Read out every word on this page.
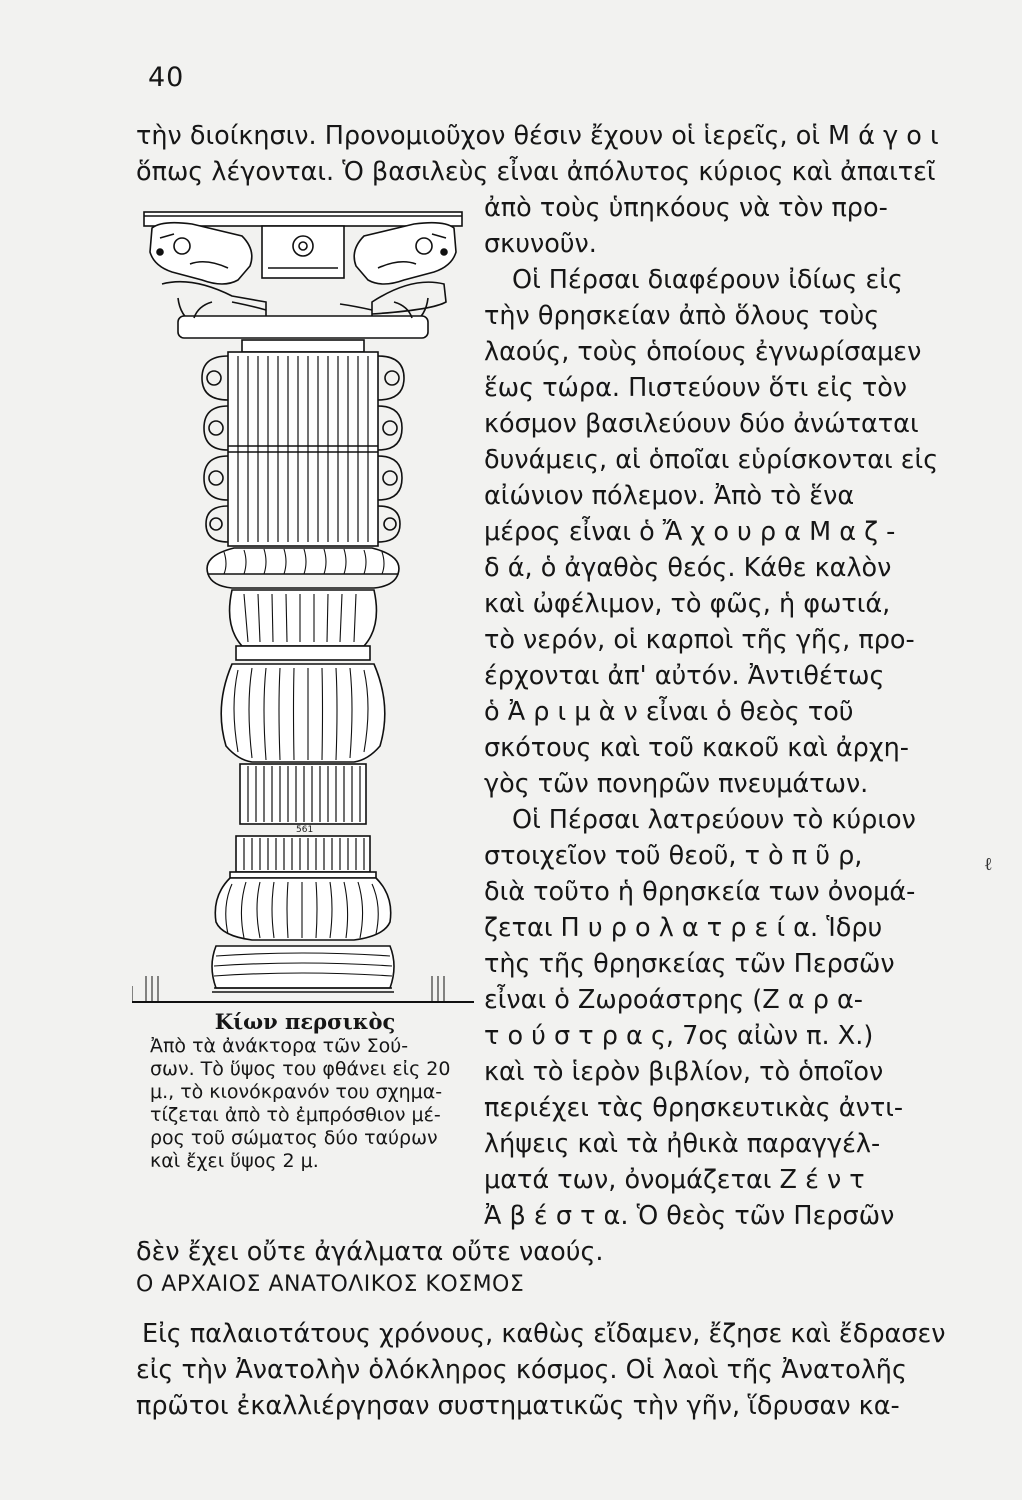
40
τὴν διοίκησιν. Προνομιοῦχον θέσιν ἔχουν οἱ ἱερεῖς, οἱ Μ ά γ ο ι
ὅπως λέγονται. Ὁ βασιλεὺς εἶναι ἀπόλυτος κύριος καὶ ἀπαιτεῖ
ἀπὸ τοὺς ὑπηκόους νὰ τὸν προ-
σκυνοῦν.
Οἱ Πέρσαι διαφέρουν ἰδίως εἰς
τὴν θρησκείαν ἀπὸ ὅλους τοὺς
λαούς, τοὺς ὁποίους ἐγνωρίσαμεν
ἕως τώρα. Πιστεύουν ὅτι εἰς τὸν
κόσμον βασιλεύουν δύο ἀνώταται
δυνάμεις, αἱ ὁποῖαι εὑρίσκονται εἰς
αἰώνιον πόλεμον. Ἀπὸ τὸ ἕνα
μέρος εἶναι ὁ Ἄ χ ο υ ρ α Μ α ζ -
δ ά, ὁ ἀγαθὸς θεός. Κάθε καλὸν
καὶ ὠφέλιμον, τὸ φῶς, ἡ φωτιά,
τὸ νερόν, οἱ καρποὶ τῆς γῆς, προ-
έρχονται ἀπ' αὐτόν. Ἀντιθέτως
ὁ Ἀ ρ ι μ ὰ ν εἶναι ὁ θεὸς τοῦ
σκότους καὶ τοῦ κακοῦ καὶ ἀρχη-
γὸς τῶν πονηρῶν πνευμάτων.
Οἱ Πέρσαι λατρεύουν τὸ κύριον
στοιχεῖον τοῦ θεοῦ, τ ὸ π ῦ ρ,
διὰ τοῦτο ἡ θρησκεία των ὀνομά-
ζεται Π υ ρ ο λ α τ ρ ε ί α. Ἱδρυ
τὴς τῆς θρησκείας τῶν Περσῶν
εἶναι ὁ Ζωροάστρης (Ζ α ρ α-
τ ο ύ σ τ ρ α ς, 7ος αἰὼν π. Χ.)
καὶ τὸ ἱερὸν βιβλίον, τὸ ὁποῖον
περιέχει τὰς θρησκευτικὰς ἀντι-
λήψεις καὶ τὰ ἠθικὰ παραγγέλ-
ματά των, ὀνομάζεται Ζ έ ν τ
Ἀ β έ σ τ α. Ὁ θεὸς τῶν Περσῶν
δὲν ἔχει οὔτε ἀγάλματα οὔτε ναούς.
ℓ
561
Κίων περσικὸς
Ἀπὸ τὰ ἀνάκτορα τῶν Σού-
σων. Τὸ ὕψος του φθάνει εἰς 20
μ., τὸ κιονόκρανόν του σχημα-
τίζεται ἀπὸ τὸ ἐμπρόσθιον μέ-
ρος τοῦ σώματος δύο ταύρων
καὶ ἔχει ὕψος 2 μ.
Ο ΑΡΧΑΙΟΣ ΑΝΑΤΟΛΙΚΟΣ ΚΟΣΜΟΣ
Εἰς παλαιοτάτους χρόνους, καθὼς εἴδαμεν, ἔζησε καὶ ἔδρασεν
εἰς τὴν Ἀνατολὴν ὁλόκληρος κόσμος. Οἱ λαοὶ τῆς Ἀνατολῆς
πρῶτοι ἐκαλλιέργησαν συστηματικῶς τὴν γῆν, ἵδρυσαν κα-
